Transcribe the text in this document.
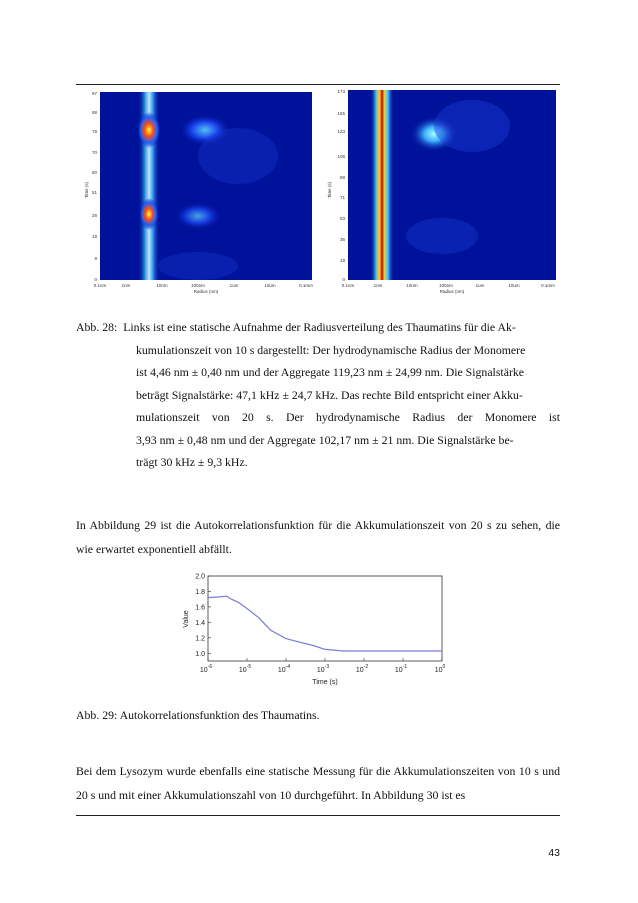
97
88
79
70
60
51
28
18
9
0
Time (s)
0.1nm	1nm	10nm	100nm	1um	10um	0.1mm
Radius (nm)
173
155
123
106
88
71
53
36
18
0
Time (s)
0.1nm	1nm	10nm	100nm	1um	10um	0.1mm
Radius (nm)
Abb. 28: Links ist eine statische Aufnahme der Radiusverteilung des Thaumatins für die Ak-
kumulationszeit von 10 s dargestellt: Der hydrodynamische Radius der Monomere
ist 4,46 nm ± 0,40 nm und der Aggregate 119,23 nm ± 24,99 nm. Die Signalstärke
beträgt Signalstärke: 47,1 kHz ± 24,7 kHz. Das rechte Bild entspricht einer Akku-
mulationszeit von 20 s. Der hydrodynamische Radius der Monomere ist
3,93 nm ± 0,48 nm und der Aggregate 102,17 nm ± 21 nm. Die Signalstärke be-
trägt 30 kHz ± 9,3 kHz.
In Abbildung 29 ist die Autokorrelationsfunktion für die Akkumulationszeit von 20 s zu sehen, die wie erwartet exponentiell abfällt.
2.0
1.8
1.6
1.4
1.2
1.0
$10^{-6}$	$10^{-5}$	$10^{-4}$	$10^{-3}$	$10^{-2}$	$10^{-1}$	$10^0$
Time (s)
Value
Abb. 29: Autokorrelationsfunktion des Thaumatins.
Bei dem Lysozym wurde ebenfalls eine statische Messung für die Akkumulationszeiten von 10 s und 20 s und mit einer Akkumulationszahl von 10 durchgeführt. In Abbildung 30 ist es
43
